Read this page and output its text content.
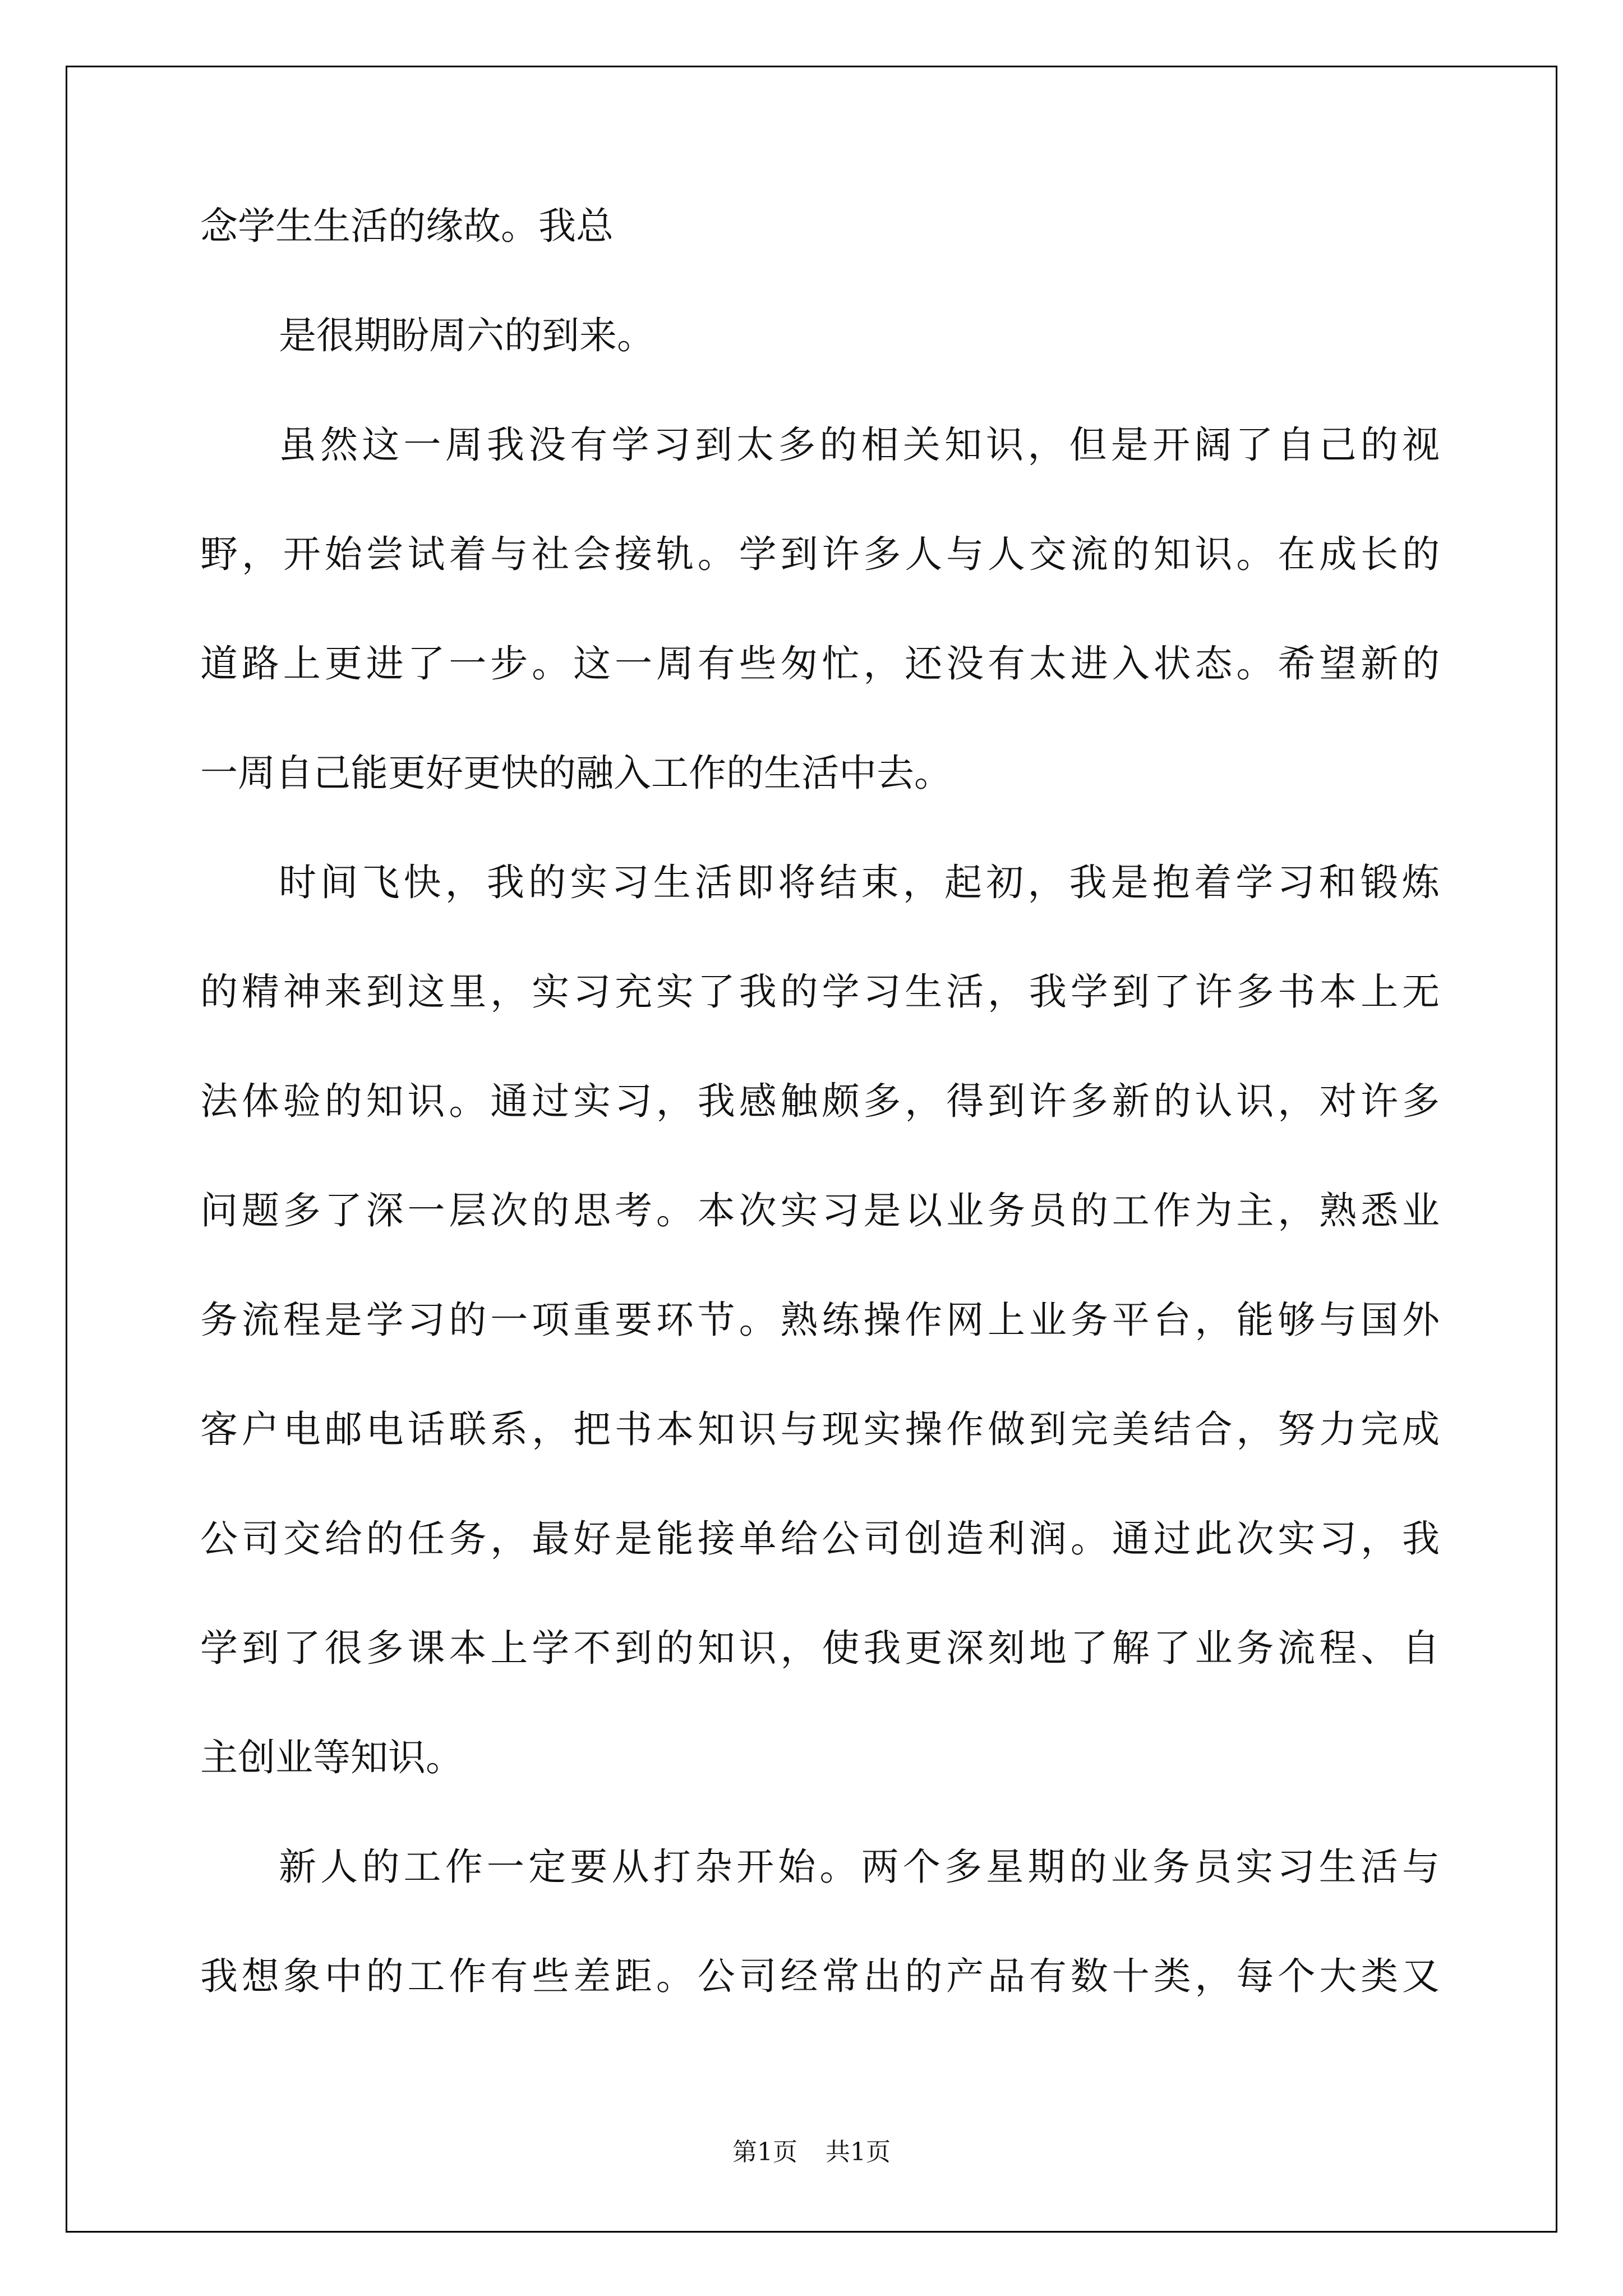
念学生生活的缘故。我总
是很期盼周六的到来。
虽然这一周我没有学习到太多的相关知识，但是开阔了自己的视
野，开始尝试着与社会接轨。学到许多人与人交流的知识。在成长的
道路上更进了一步。这一周有些匆忙，还没有太进入状态。希望新的
一周自己能更好更快的融入工作的生活中去。
时间飞快，我的实习生活即将结束，起初，我是抱着学习和锻炼
的精神来到这里，实习充实了我的学习生活，我学到了许多书本上无
法体验的知识。通过实习，我感触颇多，得到许多新的认识，对许多
问题多了深一层次的思考。本次实习是以业务员的工作为主，熟悉业
务流程是学习的一项重要环节。熟练操作网上业务平台，能够与国外
客户电邮电话联系，把书本知识与现实操作做到完美结合，努力完成
公司交给的任务，最好是能接单给公司创造利润。通过此次实习，我
学到了很多课本上学不到的知识，使我更深刻地了解了业务流程、自
主创业等知识。
新人的工作一定要从打杂开始。两个多星期的业务员实习生活与
我想象中的工作有些差距。公司经常出的产品有数十类，每个大类又
第1页 共1页
